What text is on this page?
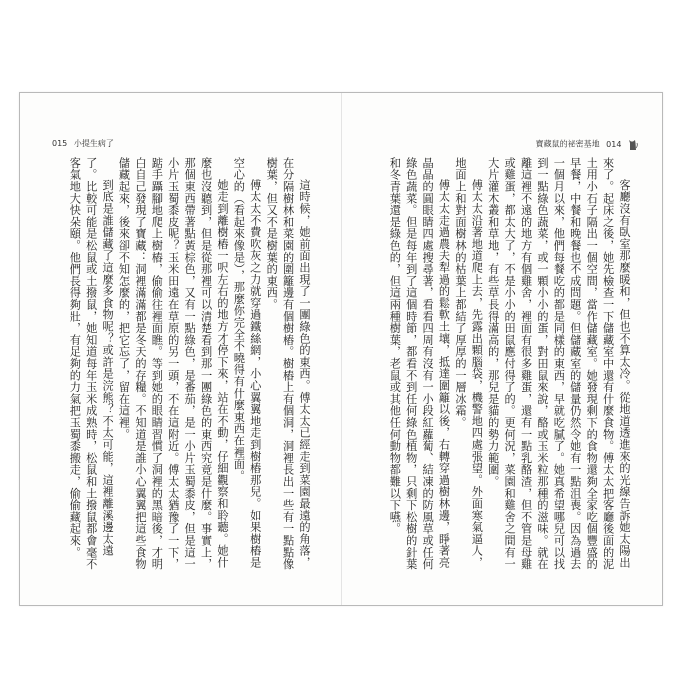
015 小提生病了

這時候，她前面出現了一團綠色的東西。傅太太已經走到菜園最遠的角落，在分隔樹林和菜園的圍籬邊有個樹樁。樹樁上有個洞，洞裡長出一些有一點點像樹葉，但又不是樹葉的東西。

傅太太不費吹灰之力就穿過鐵絲網，小心翼翼地走到樹樁那兒。如果樹樁是空心的（看起來像是），那麼你完全不曉得有什麼東西在裡面。

她走到離樹樁一呎左右的地方才停下來，站在不動，仔細觀察和聆聽。她什麼也沒聽到，但是從那裡可以清楚看到那一團綠色的東西究竟是什麼。事實上，那個東西帶著點黃棕色，又有一點綠色，是番茄，是一小片玉蜀黍皮，但是這一小片玉蜀黍皮呢？玉米田遠在草原的另一頭，不在這附近。傅太太猶豫了一下，踮手躡腳地爬上樹樁，偷偷往裡面瞧。等到她的眼睛習慣了洞裡的黑暗後，才明白自己發現了寶藏：洞裡滿滿都是冬天的存糧。不知道是誰小心翼翼把這些食物儲藏起來，後來卻不知怎麼的，把它忘了，留在這裡。

到底是誰儲藏了這麼多食物呢？或許是浣熊？不太可能，這裡離溪邊太遠了。比較可能是松鼠或土撥鼠，她知道每年玉米成熟時，松鼠和土撥鼠都會毫不客氣地大快朵頤。他們長得夠壯，有足夠的力氣把玉蜀黍搬走，偷偷藏起來。

寶藏鼠的祕密基地 014

客廳沒有臥室那麼暖和，但也不算太冷。從地道透進來的光線告訴她太陽出來了。起床之後，她先檢查一下儲藏室中還有什麼食物。傅太太把客廳後面的泥土用小石子隔出一個空間，當作儲藏室。她發現剩下的食物還夠全家吃個豐盛的早餐，中餐和晚餐也不成問題。但儲藏室的儲量仍然令她有一點沮喪。因為過去一個月以來，他們每餐吃的都是同樣的東西，早就吃膩了。她真希望哪兒可以找到一點綠色蔬菜，或一顆小小的蛋，對田鼠來說，酪或玉米粒那種的滋味。就在離這裡不遠的地方有個雞舍，裡面有很多雞蛋，還有一點乳酪渣，但不管是母雞或雞蛋，都太大了，不是小小的田鼠應付得了的。更何況，菜園和雞舍之間有一大片灌木叢和草地，有些草長得滿高的，那兒是貓的勢力範圍。

傅太太沿著地道爬上去，先露出顆腦袋，機警地四處張望。外面寒氣逼人，地面上和對面樹林的枯葉上都結了厚厚的一層冰霜。

傅太太走過農夫犁過的鬆軟土壤，抵達圍籬以後，右轉穿過樹林邊，睜著亮晶晶的圓眼睛四處搜尋著，看看四周有沒有一小段紅蘿蔔、結凍的防風草或任何綠色蔬菜。但是每年到了這個時節，都看不到任何綠色植物，只剩下松樹的針葉和冬青葉還是綠色的，但這兩種樹葉，老鼠或其他任何動物都難以下嚥。
